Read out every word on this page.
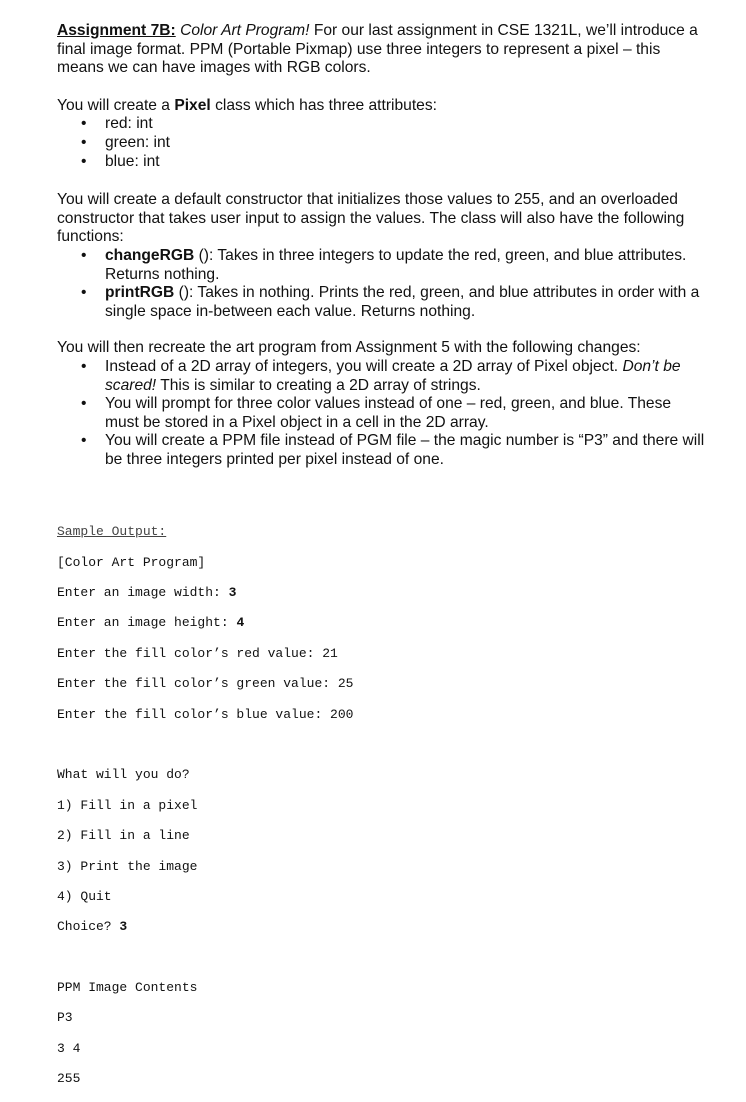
Assignment 7B: Color Art Program! For our last assignment in CSE 1321L, we’ll introduce a final image format. PPM (Portable Pixmap) use three integers to represent a pixel – this means we can have images with RGB colors.

You will create a Pixel class which has three attributes:

• red: int
• green: int
• blue: int

You will create a default constructor that initializes those values to 255, and an overloaded constructor that takes user input to assign the values. The class will also have the following functions:

• changeRGB (): Takes in three integers to update the red, green, and blue attributes. Returns nothing.
• printRGB (): Takes in nothing. Prints the red, green, and blue attributes in order with a single space in-between each value. Returns nothing.

You will then recreate the art program from Assignment 5 with the following changes:

• Instead of a 2D array of integers, you will create a 2D array of Pixel object. Don’t be scared! This is similar to creating a 2D array of strings.
• You will prompt for three color values instead of one – red, green, and blue. These must be stored in a Pixel object in a cell in the 2D array.
• You will create a PPM file instead of PGM file – the magic number is “P3” and there will be three integers printed per pixel instead of one.

Sample Output:

[Color Art Program]

Enter an image width: 3

Enter an image height: 4

Enter the fill color’s red value: 21

Enter the fill color’s green value: 25

Enter the fill color’s blue value: 200

What will you do?

1) Fill in a pixel

2) Fill in a line

3) Print the image

4) Quit

Choice? 3

PPM Image Contents

P3

3 4

255
